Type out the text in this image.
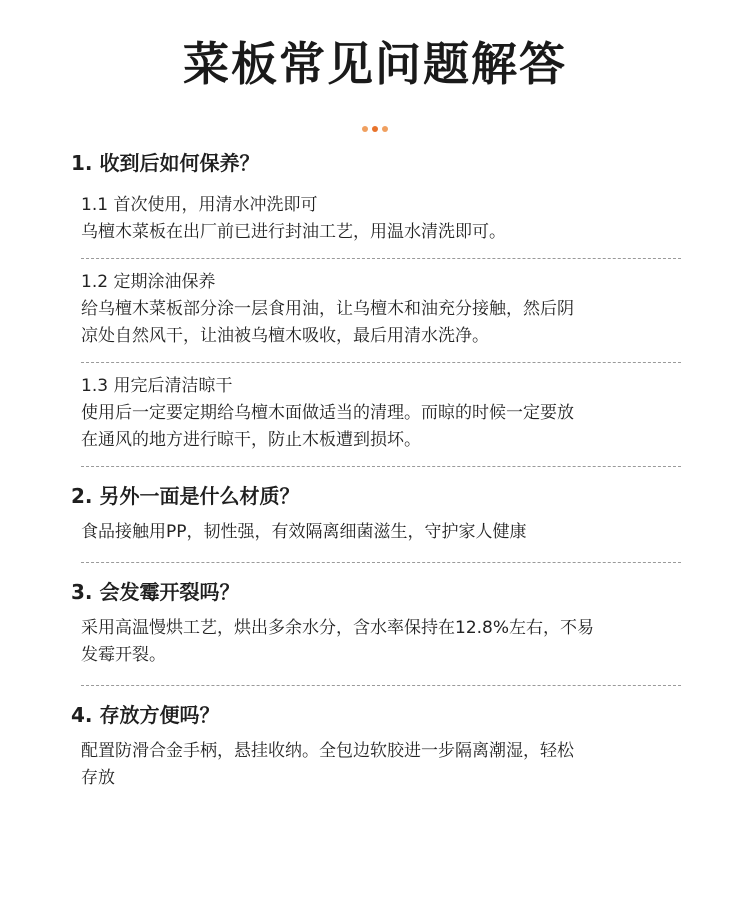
菜板常见问题解答
1. 收到后如何保养？
1.1 首次使用，用清水冲洗即可
乌檀木菜板在出厂前已进行封油工艺，用温水清洗即可。
1.2 定期涂油保养
给乌檀木菜板部分涂一层食用油，让乌檀木和油充分接触，然后阴
凉处自然风干，让油被乌檀木吸收，最后用清水洗净。
1.3 用完后清洁晾干
使用后一定要定期给乌檀木面做适当的清理。而晾的时候一定要放
在通风的地方进行晾干，防止木板遭到损坏。
2. 另外一面是什么材质？
食品接触用PP，韧性强，有效隔离细菌滋生，守护家人健康
3. 会发霉开裂吗？
采用高温慢烘工艺，烘出多余水分，含水率保持在12.8%左右，不易
发霉开裂。
4. 存放方便吗？
配置防滑合金手柄，悬挂收纳。全包边软胶进一步隔离潮湿，轻松
存放
